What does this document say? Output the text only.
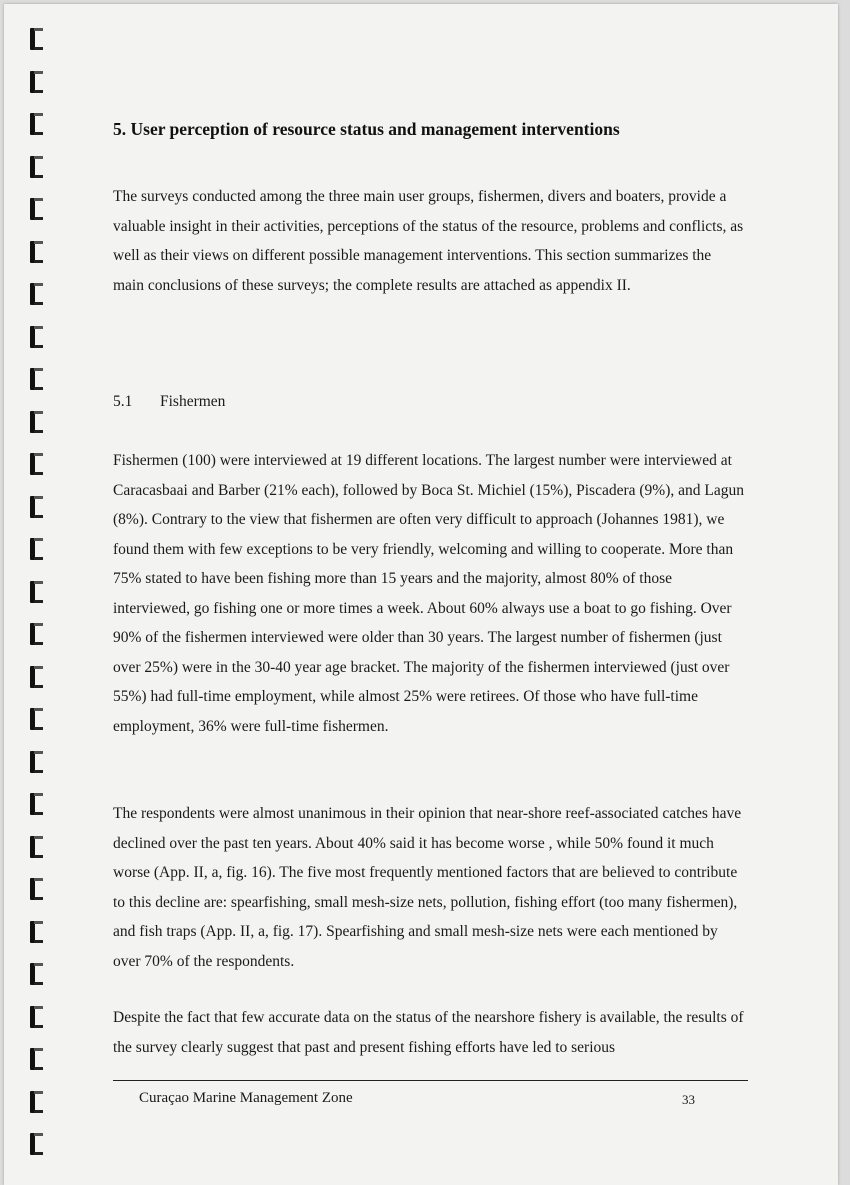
5. User perception of resource status and management interventions

The surveys conducted among the three main user groups, fishermen, divers and boaters, provide a valuable insight in their activities, perceptions of the status of the resource, problems and conflicts, as well as their views on different possible management interventions. This section summarizes the main conclusions of these surveys; the complete results are attached as appendix II.

5.1 Fishermen

Fishermen (100) were interviewed at 19 different locations. The largest number were interviewed at Caracasbaai and Barber (21% each), followed by Boca St. Michiel (15%), Piscadera (9%), and Lagun (8%). Contrary to the view that fishermen are often very difficult to approach (Johannes 1981), we found them with few exceptions to be very friendly, welcoming and willing to cooperate. More than 75% stated to have been fishing more than 15 years and the majority, almost 80% of those interviewed, go fishing one or more times a week. About 60% always use a boat to go fishing. Over 90% of the fishermen interviewed were older than 30 years. The largest number of fishermen (just over 25%) were in the 30-40 year age bracket. The majority of the fishermen interviewed (just over 55%) had full-time employment, while almost 25% were retirees. Of those who have full-time employment, 36% were full-time fishermen.

The respondents were almost unanimous in their opinion that near-shore reef-associated catches have declined over the past ten years. About 40% said it has become worse , while 50% found it much worse (App. II, a, fig. 16). The five most frequently mentioned factors that are believed to contribute to this decline are: spearfishing, small mesh-size nets, pollution, fishing effort (too many fishermen), and fish traps (App. II, a, fig. 17). Spearfishing and small mesh-size nets were each mentioned by over 70% of the respondents.

Despite the fact that few accurate data on the status of the nearshore fishery is available, the results of the survey clearly suggest that past and present fishing efforts have led to serious

Curaçao Marine Management Zone	33
